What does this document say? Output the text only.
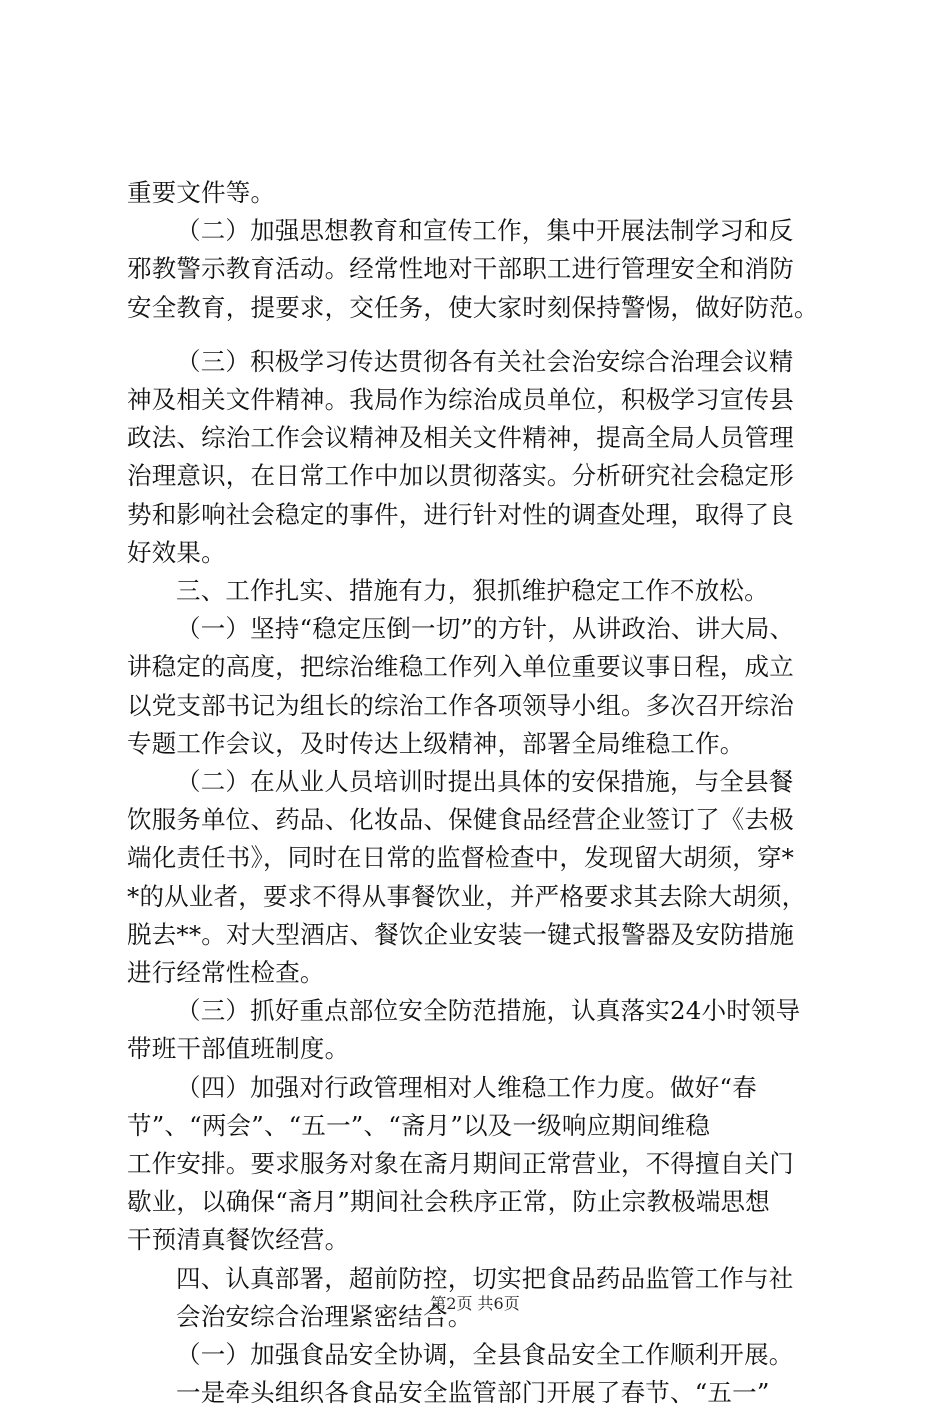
重要文件等。
（二）加强思想教育和宣传工作，集中开展法制学习和反
邪教警示教育活动。经常性地对干部职工进行管理安全和消防
安全教育，提要求，交任务，使大家时刻保持警惕，做好防范。
（三）积极学习传达贯彻各有关社会治安综合治理会议精
神及相关文件精神。我局作为综治成员单位，积极学习宣传县
政法、综治工作会议精神及相关文件精神，提高全局人员管理
治理意识，在日常工作中加以贯彻落实。分析研究社会稳定形
势和影响社会稳定的事件，进行针对性的调查处理，取得了良
好效果。
三、工作扎实、措施有力，狠抓维护稳定工作不放松。
（一）坚持“稳定压倒一切”的方针，从讲政治、讲大局、
讲稳定的高度，把综治维稳工作列入单位重要议事日程，成立
以党支部书记为组长的综治工作各项领导小组。多次召开综治
专题工作会议，及时传达上级精神，部署全局维稳工作。
（二）在从业人员培训时提出具体的安保措施，与全县餐
饮服务单位、药品、化妆品、保健食品经营企业签订了《去极
端化责任书》，同时在日常的监督检查中，发现留大胡须，穿*
*的从业者，要求不得从事餐饮业，并严格要求其去除大胡须，
脱去**。对大型酒店、餐饮企业安装一键式报警器及安防措施
进行经常性检查。
（三）抓好重点部位安全防范措施，认真落实24小时领导
带班干部值班制度。
（四）加强对行政管理相对人维稳工作力度。做好“春
节”、“两会”、“五一”、“斋月”以及一级响应期间维稳
工作安排。要求服务对象在斋月期间正常营业，不得擅自关门
歇业，以确保“斋月”期间社会秩序正常，防止宗教极端思想
干预清真餐饮经营。
四、认真部署，超前防控，切实把食品药品监管工作与社
会治安综合治理紧密结合。
（一）加强食品安全协调，全县食品安全工作顺利开展。
一是牵头组织各食品安全监管部门开展了春节、“五一”
第2页 共6页
